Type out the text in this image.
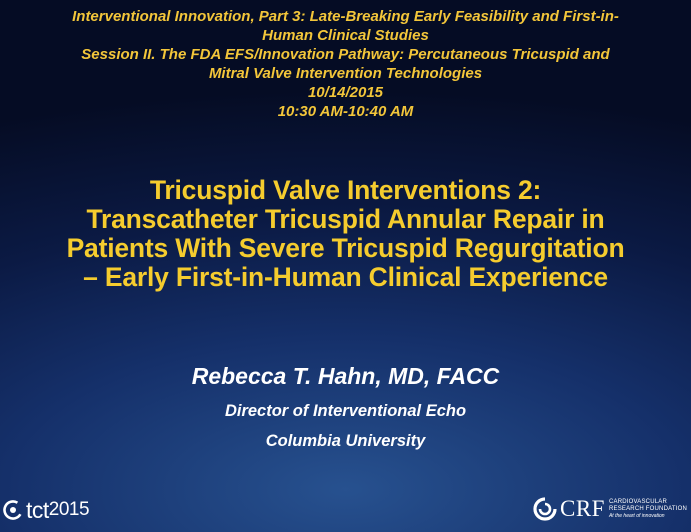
Interventional Innovation, Part 3: Late-Breaking Early Feasibility and First-in-
Human Clinical Studies
Session II. The FDA EFS/Innovation Pathway: Percutaneous Tricuspid and
Mitral Valve Intervention Technologies
10/14/2015
10:30 AM-10:40 AM
Tricuspid Valve Interventions 2:
Transcatheter Tricuspid Annular Repair in
Patients With Severe Tricuspid Regurgitation
– Early First-in-Human Clinical Experience
Rebecca T. Hahn, MD, FACC
Director of Interventional Echo
Columbia University
tct 2015	CRF CARDIOVASCULAR
RESEARCH FOUNDATION
At the heart of innovation
